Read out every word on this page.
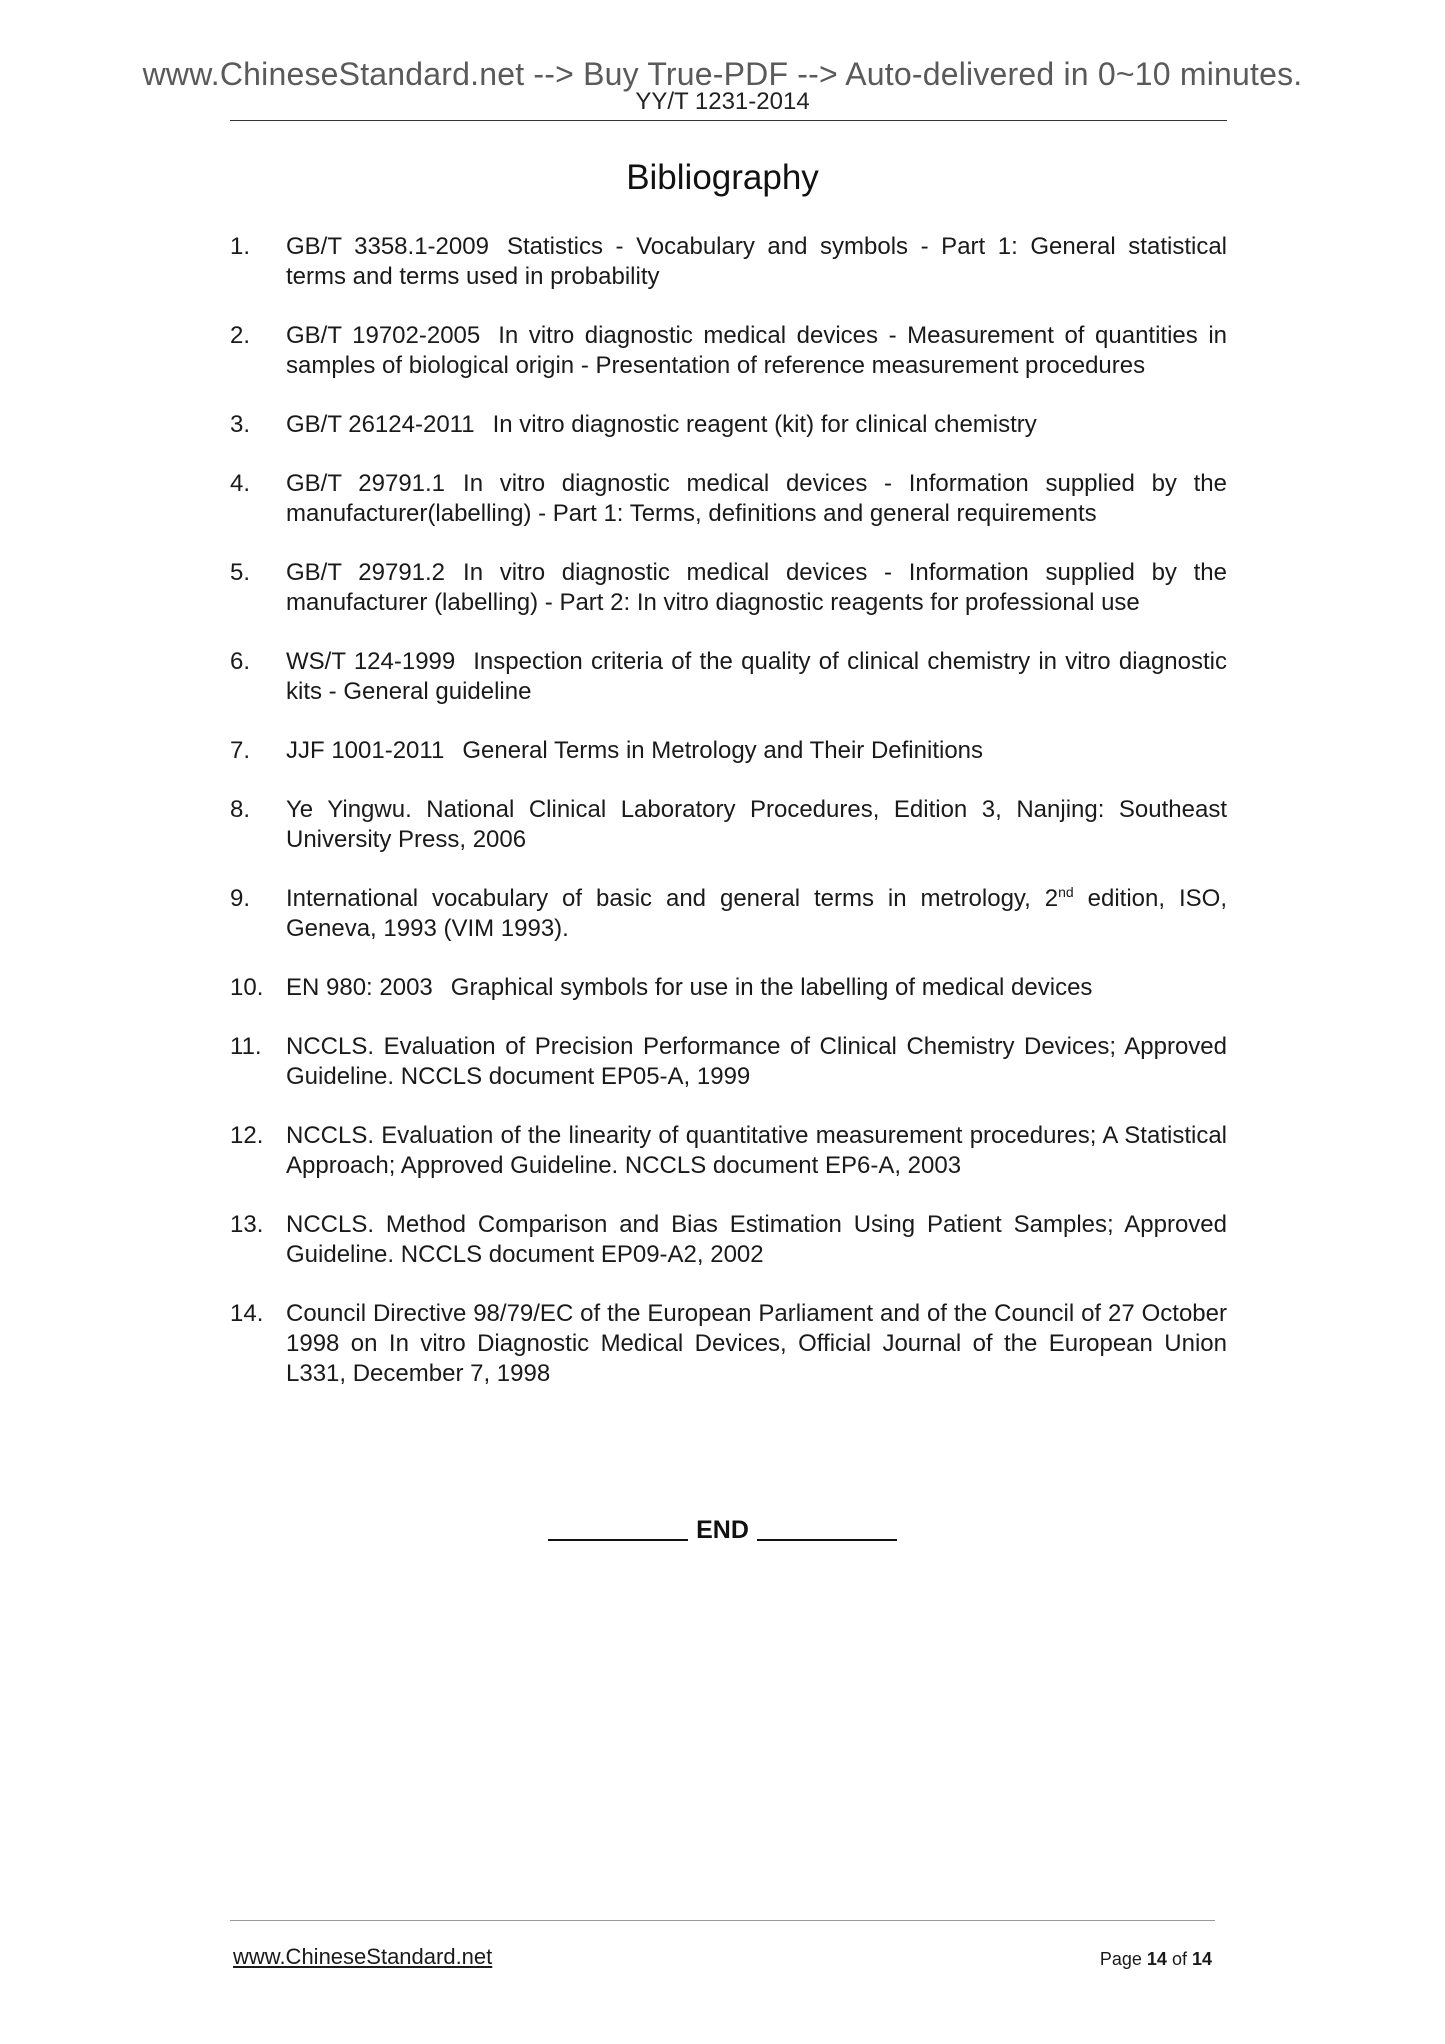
www.ChineseStandard.net --> Buy True-PDF --> Auto-delivered in 0~10 minutes.
YY/T 1231-2014
Bibliography
1.	GB/T 3358.1-2009 Statistics - Vocabulary and symbols - Part 1: General statistical terms and terms used in probability
2.	GB/T 19702-2005 In vitro diagnostic medical devices - Measurement of quantities in samples of biological origin - Presentation of reference measurement procedures
3.	GB/T 26124-2011 In vitro diagnostic reagent (kit) for clinical chemistry
4.	GB/T 29791.1 In vitro diagnostic medical devices - Information supplied by the manufacturer(labelling) - Part 1: Terms, definitions and general requirements
5.	GB/T 29791.2 In vitro diagnostic medical devices - Information supplied by the manufacturer (labelling) - Part 2: In vitro diagnostic reagents for professional use
6.	WS/T 124-1999 Inspection criteria of the quality of clinical chemistry in vitro diagnostic kits - General guideline
7.	JJF 1001-2011 General Terms in Metrology and Their Definitions
8.	Ye Yingwu. National Clinical Laboratory Procedures, Edition 3, Nanjing: Southeast University Press, 2006
9.	International vocabulary of basic and general terms in metrology, 2nd edition, ISO, Geneva, 1993 (VIM 1993).
10. EN 980: 2003 Graphical symbols for use in the labelling of medical devices
11.	NCCLS. Evaluation of Precision Performance of Clinical Chemistry Devices; Approved Guideline. NCCLS document EP05-A, 1999
12. NCCLS. Evaluation of the linearity of quantitative measurement procedures; A Statistical Approach; Approved Guideline. NCCLS document EP6-A, 2003
13. NCCLS. Method Comparison and Bias Estimation Using Patient Samples; Approved Guideline. NCCLS document EP09-A2, 2002
14. Council Directive 98/79/EC of the European Parliament and of the Council of 27 October 1998 on In vitro Diagnostic Medical Devices, Official Journal of the European Union L331, December 7, 1998
END
www.ChineseStandard.net	Page 14 of 14
